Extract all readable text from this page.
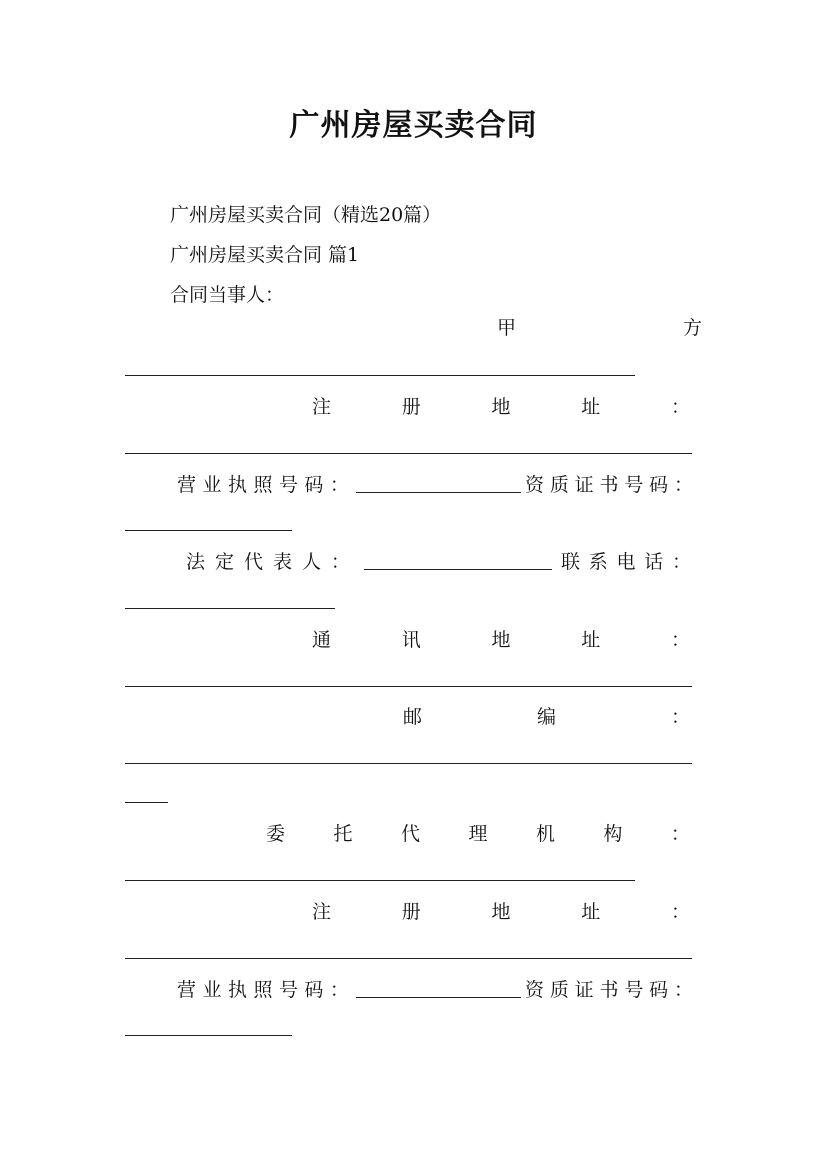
广州房屋买卖合同
广州房屋买卖合同（精选20篇）
广州房屋买卖合同 篇1
合同当事人：
甲	方
注	册	地	址	：
营 业 执 照 号 码 ：	资 质 证 书 号 码 ：
法 定 代 表 人 ：	联 系 电 话 ：
通	讯	地	址	：
邮	编	：
委	托	代	理	机	构	：
注	册	地	址	：
营 业 执 照 号 码 ：	资 质 证 书 号 码 ：
